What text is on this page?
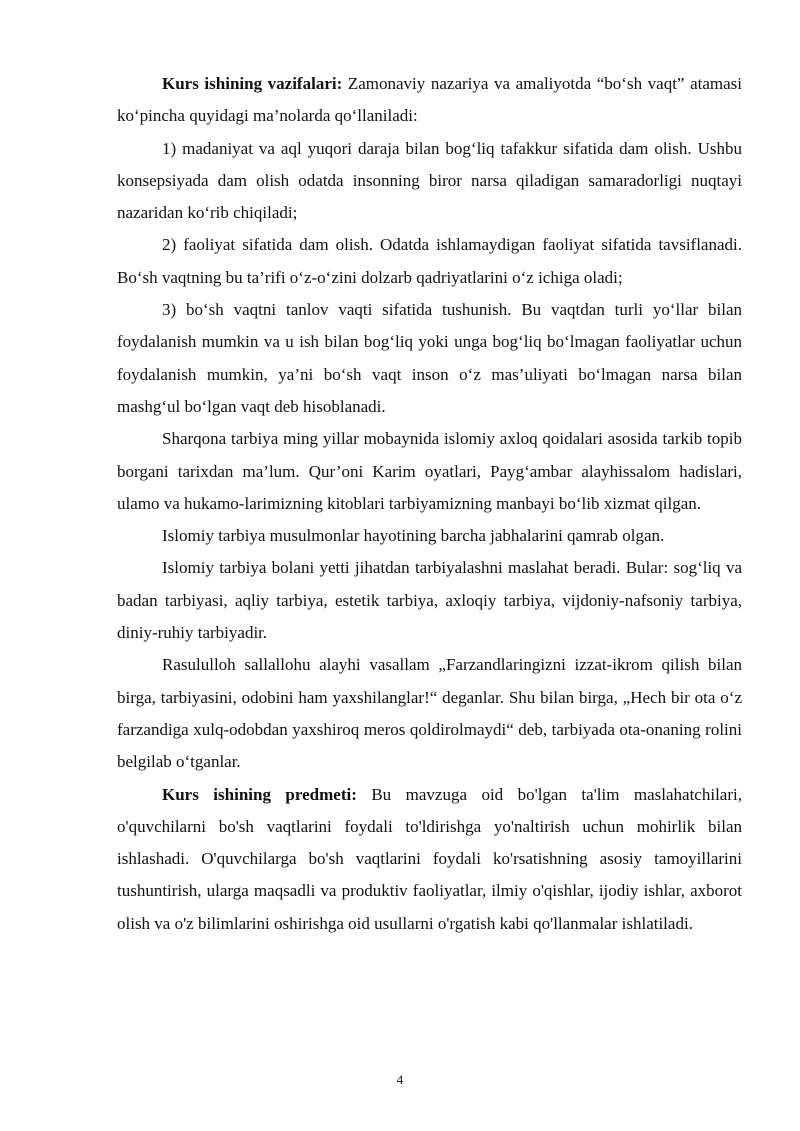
Kurs ishining vazifalari: Zamonaviy nazariya va amaliyotda “bo‘sh vaqt” atamasi ko‘pincha quyidagi ma’nolarda qo‘llaniladi:

1) madaniyat va aql yuqori daraja bilan bog‘liq tafakkur sifatida dam olish. Ushbu konsepsiyada dam olish odatda insonning biror narsa qiladigan samaradorligi nuqtayi nazaridan ko‘rib chiqiladi;

2) faoliyat sifatida dam olish. Odatda ishlamaydigan faoliyat sifatida tavsiflanadi. Bo‘sh vaqtning bu ta’rifi o‘z-o‘zini dolzarb qadriyatlarini o‘z ichiga oladi;

3) bo‘sh vaqtni tanlov vaqti sifatida tushunish. Bu vaqtdan turli yo‘llar bilan foydalanish mumkin va u ish bilan bog‘liq yoki unga bog‘liq bo‘lmagan faoliyatlar uchun foydalanish mumkin, ya’ni bo‘sh vaqt inson o‘z mas’uliyati bo‘lmagan narsa bilan mashg‘ul bo‘lgan vaqt deb hisoblanadi.

Sharqona tarbiya ming yillar mobaynida islomiy axloq qoidalari asosida tarkib topib borgani tarixdan ma’lum. Qur’oni Karim oyatlari, Payg‘ambar alayhissalom hadislari, ulamo va hukamo-larimizning kitoblari tarbiyamizning manbayi bo‘lib xizmat qilgan.

Islomiy tarbiya musulmonlar hayotining barcha jabhalarini qamrab olgan.

Islomiy tarbiya bolani yetti jihatdan tarbiyalashni maslahat beradi. Bular: sog‘liq va badan tarbiyasi, aqliy tarbiya, estetik tarbiya, axloqiy tarbiya, vijdoniy-nafsoniy tarbiya, diniy-ruhiy tarbiyadir.

Rasululloh sallallohu alayhi vasallam „Farzandlaringizni izzat-ikrom qilish bilan birga, tarbiyasini, odobini ham yaxshilanglar!“ deganlar. Shu bilan birga, „Hech bir ota o‘z farzandiga xulq-odobdan yaxshiroq meros qoldirolmaydi“ deb, tarbiyada ota-onaning rolini belgilab o‘tganlar.

Kurs ishining predmeti: Bu mavzuga oid bo'lgan ta'lim maslahatchilari, o'quvchilarni bo'sh vaqtlarini foydali to'ldirishga yo'naltirish uchun mohirlik bilan ishlashadi. O'quvchilarga bo'sh vaqtlarini foydali ko'rsatishning asosiy tamoyillarini tushuntirish, ularga maqsadli va produktiv faoliyatlar, ilmiy o'qishlar, ijodiy ishlar, axborot olish va o'z bilimlarini oshirishga oid usullarni o'rgatish kabi qo'llanmalar ishlatiladi.

4
